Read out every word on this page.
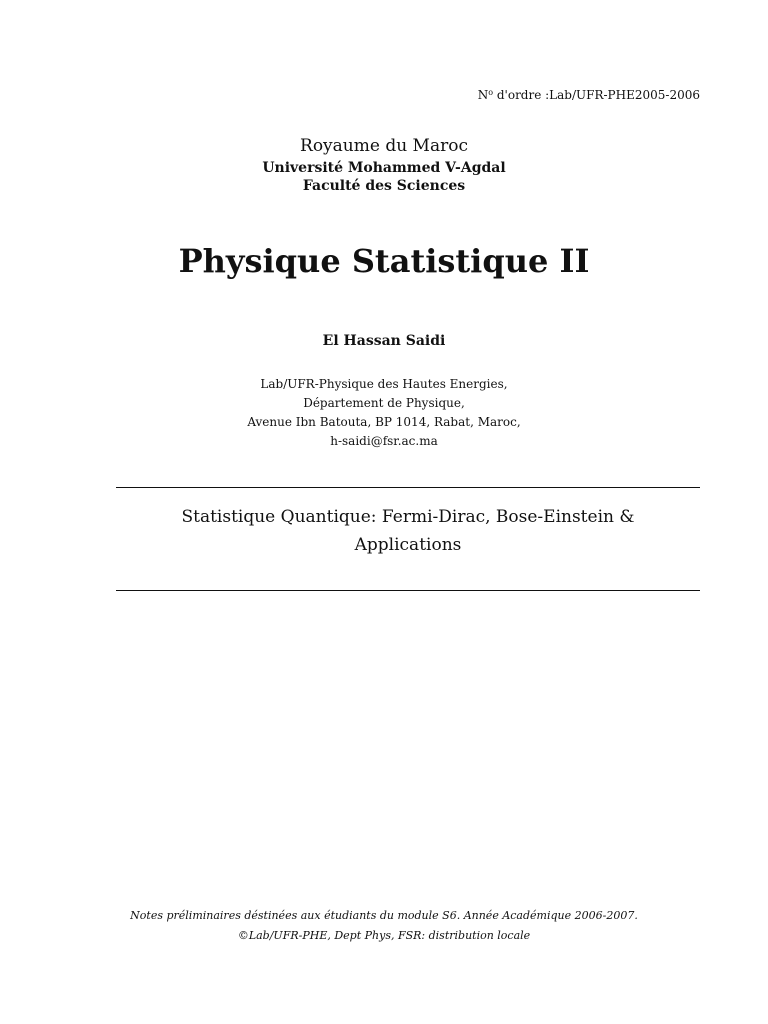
$N^o$ d'ordre :Lab/UFR-PHE2005-2006
Royaume du Maroc
Université Mohammed V-Agdal
Faculté des Sciences
Physique Statistique II
El Hassan Saidi
Lab/UFR-Physique des Hautes Energies,
Département de Physique,
Avenue Ibn Batouta, BP 1014, Rabat, Maroc,
h-saidi@fsr.ac.ma
Statistique Quantique: Fermi-Dirac, Bose-Einstein & Applications
Notes préliminaires déstinées aux étudiants du module S6. Année Académique 2006-2007.
©Lab/UFR-PHE, Dept Phys, FSR: distribution locale
